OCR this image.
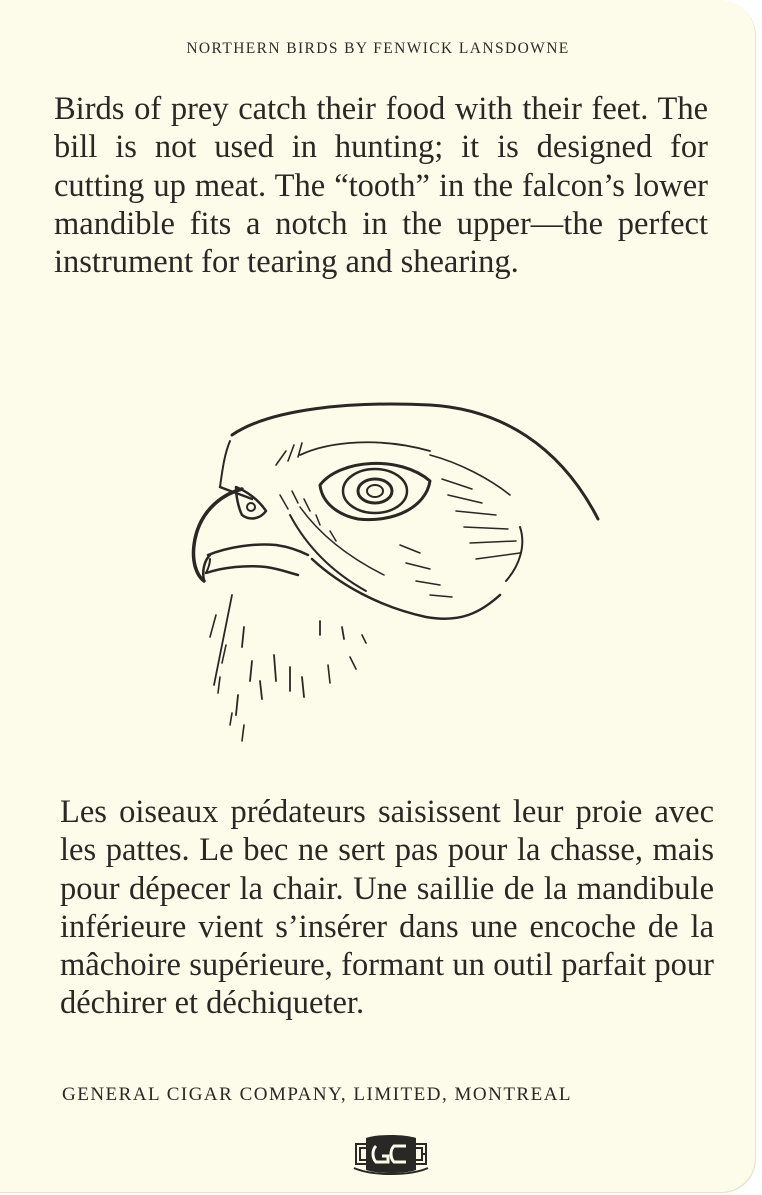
NORTHERN BIRDS BY FENWICK LANSDOWNE

Birds of prey catch their food with their feet. The bill is not used in hunting; it is designed for cutting up meat. The “tooth” in the falcon’s lower mandible fits a notch in the upper—the perfect instrument for tearing and shearing.

Les oiseaux prédateurs saisissent leur proie avec les pattes. Le bec ne sert pas pour la chasse, mais pour dépecer la chair. Une saillie de la mandibule inférieure vient s’insérer dans une encoche de la mâchoire supérieure, formant un outil parfait pour déchirer et déchiqueter.

GENERAL CIGAR COMPANY, LIMITED, MONTREAL
